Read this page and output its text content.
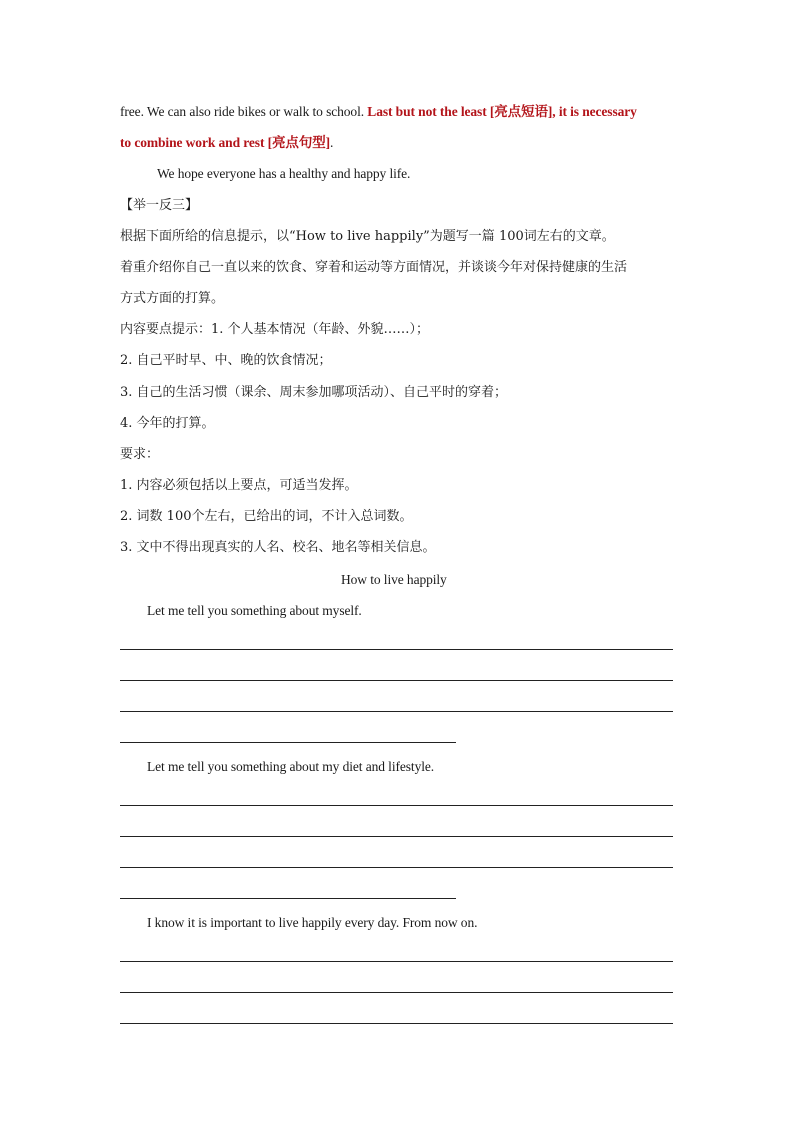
free. We can also ride bikes or walk to school. Last but not the least [亮点短语], it is necessary
to combine work and rest [亮点句型].
We hope everyone has a healthy and happy life.
【举一反三】
根据下面所给的信息提示，以“How to live happily”为题写一篇 100词左右的文章。
着重介绍你自己一直以来的饮食、穿着和运动等方面情况，并谈谈今年对保持健康的生活
方式方面的打算。
内容要点提示：1. 个人基本情况（年龄、外貌……）；
2. 自己平时早、中、晚的饮食情况；
3. 自己的生活习惯（课余、周末参加哪项活动）、自己平时的穿着；
4. 今年的打算。
要求：
1. 内容必须包括以上要点，可适当发挥。
2. 词数 100个左右，已给出的词，不计入总词数。
3. 文中不得出现真实的人名、校名、地名等相关信息。
How to live happily
Let me tell you something about myself.
Let me tell you something about my diet and lifestyle.
I know it is important to live happily every day. From now on.
